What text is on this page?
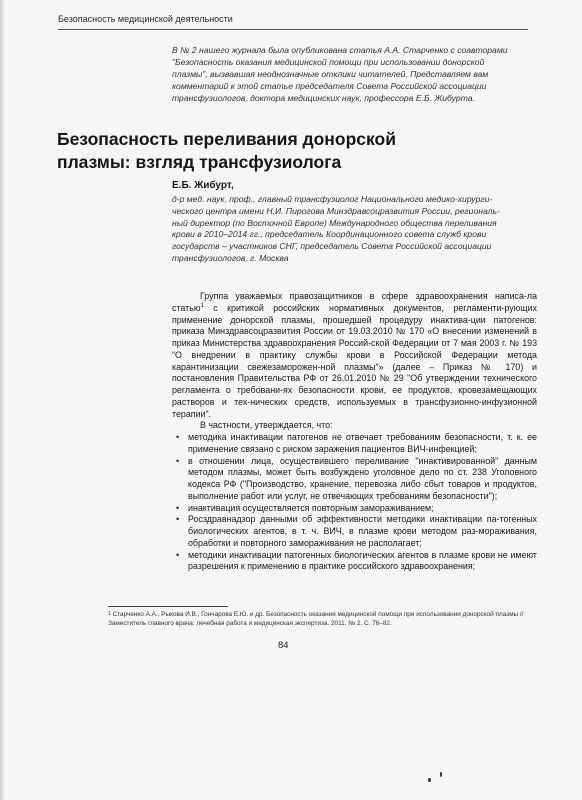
Безопасность медицинской деятельности
В № 2 нашего журнала была опубликована статья А.А. Старченко с соавторами
"Безопасность оказания медицинской помощи при использовании донорской
плазмы", вызвавшая неоднозначные отклики читателей. Представляем вам
комментарий к этой статье председателя Совета Российской ассоциации
трансфузиологов, доктора медицинских наук, профессора Е.Б. Жибурта.
Безопасность переливания донорской
плазмы: взгляд трансфузиолога
Е.Б. Жибурт,
д-р мед. наук, проф., главный трансфузиолог Национального медико-хирурги-
ческого центра имени Н.И. Пирогова Минздравсоцразвития России, региональ-
ный директор (по Восточной Европе) Международного общества переливания
крови в 2010–2014 гг., председатель Координационного совета служб крови
государств – участников СНГ, председатель Совета Российской ассоциации
трансфузиологов, г. Москва

Группа уважаемых правозащитников в сфере здравоохранения написа-ла статью$^1$ с критикой российских нормативных документов, регламенти-рующих применение донорской плазмы, прошедшей процедуру инактива-ции патогенов: приказа Минздравсоцразвития России от 19.03.2010 № 170 «О внесении изменений в приказ Министерства здравоохранения Россий-ской Федерации от 7 мая 2003 г. № 193 “О внедрении в практику службы крови в Российской Федерации метода карантинизации свежезаморожен-ной плазмы"» (далее – Приказ № 170) и постановления Правительства РФ от 26.01.2010 № 29 "Об утверждении технического регламента о требовани-ях безопасности крови, ее продуктов, кровезамещающих растворов и тех-нических средств, используемых в трансфузионно-инфузионной терапии".

В частности, утверждается, что:

• методика инактивации патогенов не отвечает требованиям безопасности, т. к. ее применение связано с риском заражения пациентов ВИЧ-инфекцией;
• в отношении лица, осуществившего переливание "инактивированной" данным методом плазмы, может быть возбуждено уголовное дело по ст. 238 Уголовного кодекса РФ ("Производство, хранение, перевозка либо сбыт товаров и продуктов, выполнение работ или услуг, не отвечающих требованиям безопасности");
• инактивация осуществляется повторным замораживанием;
• Росздравнадзор данными об эффективности методики инактивации па-тогенных биологических агентов, в т. ч. ВИЧ, в плазме крови методом раз-мораживания, обработки и повторного замораживания не располагает;
• методики инактивации патогенных биологических агентов в плазме крови не имеют разрешения к применению в практике российского здравоохранения;
$^1$ Старченко А.А., Рыкова И.В., Гончарова Е.Ю. и др. Безопасность оказания медицинской помощи при использовании донорской плазмы // Заместитель главного врача: лечебная работа и медицинская экспертиза. 2011. № 2. С. 76–82.
84
